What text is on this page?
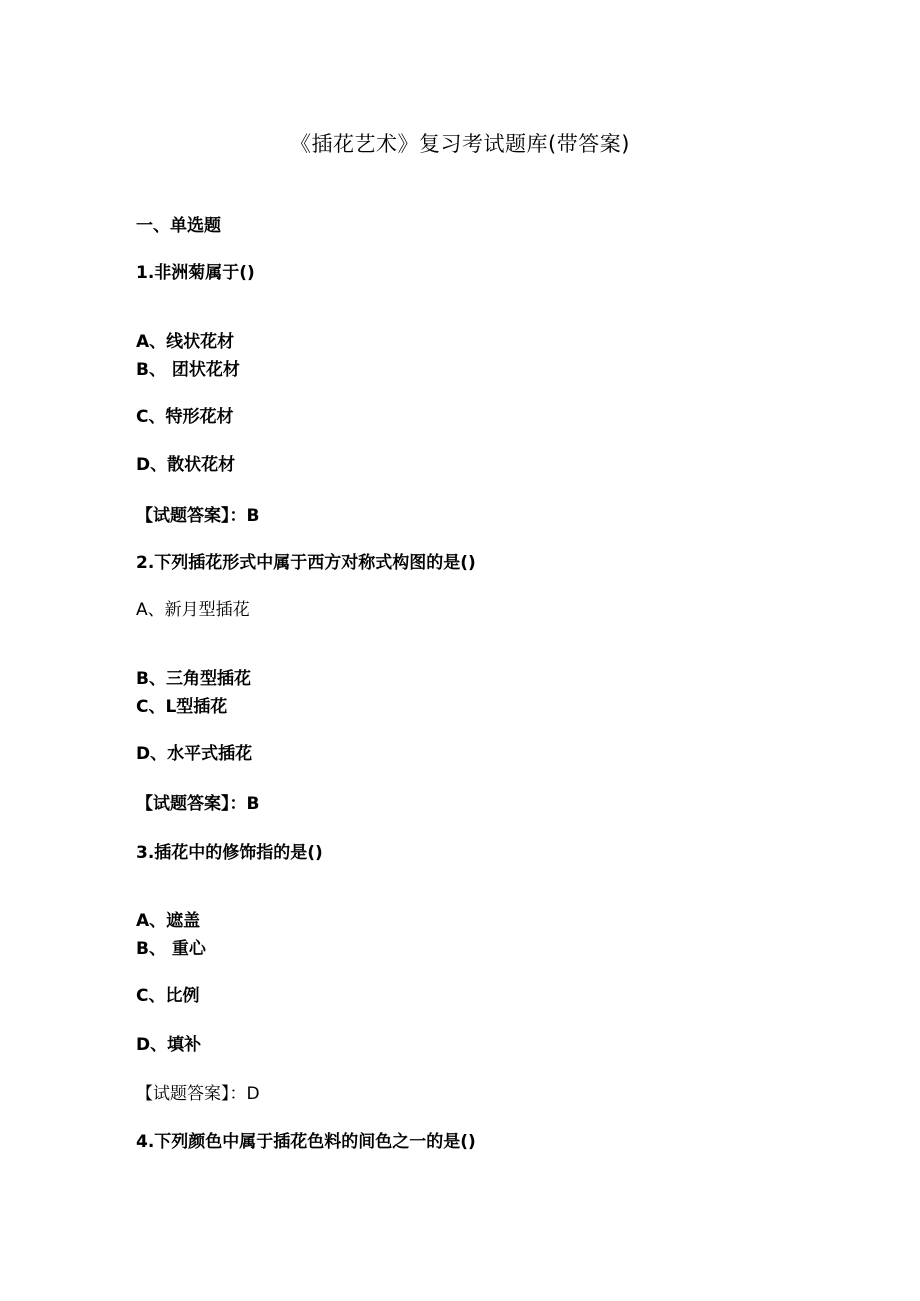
《插花艺术》复习考试题库(带答案)
一、单选题
1.非洲菊属于()
A、线状花材
B、 团状花材
C、特形花材
D、散状花材
【试题答案】：B
2.下列插花形式中属于西方对称式构图的是()
A、新月型插花
B、三角型插花
C、L型插花
D、水平式插花
【试题答案】：B
3.插花中的修饰指的是()
A、遮盖
B、 重心
C、比例
D、填补
【试题答案】：D
4.下列颜色中属于插花色料的间色之一的是()
